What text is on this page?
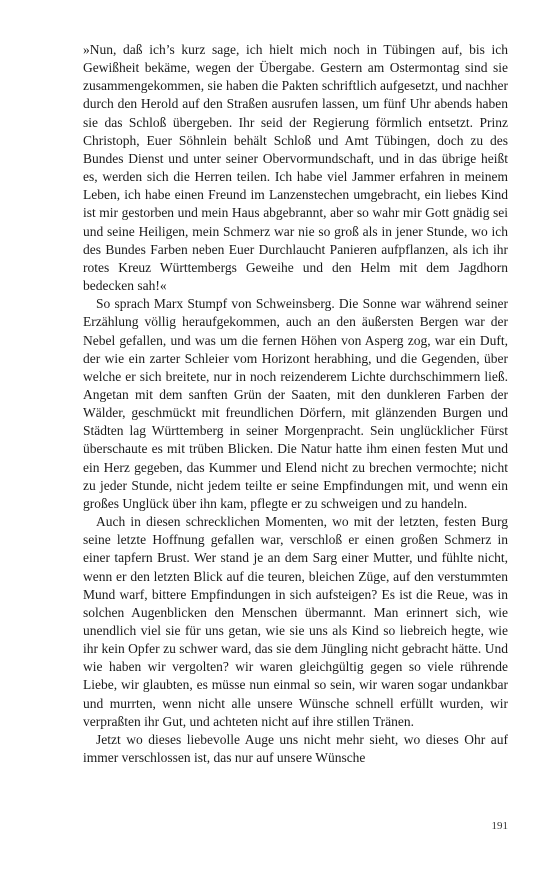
»Nun, daß ich’s kurz sage, ich hielt mich noch in Tübingen auf, bis ich Gewißheit bekäme, wegen der Übergabe. Gestern am Ostermontag sind sie zusammengekommen, sie haben die Pakten schriftlich aufgesetzt, und nachher durch den Herold auf den Straßen ausrufen lassen, um fünf Uhr abends haben sie das Schloß übergeben. Ihr seid der Regierung förmlich entsetzt. Prinz Christoph, Euer Söhnlein behält Schloß und Amt Tübingen, doch zu des Bundes Dienst und unter seiner Obervormundschaft, und in das übrige heißt es, werden sich die Herren teilen. Ich habe viel Jammer erfahren in meinem Leben, ich habe einen Freund im Lanzenstechen umgebracht, ein liebes Kind ist mir gestorben und mein Haus abgebrannt, aber so wahr mir Gott gnädig sei und seine Heiligen, mein Schmerz war nie so groß als in jener Stunde, wo ich des Bundes Farben neben Euer Durchlaucht Panieren aufpflanzen, als ich ihr rotes Kreuz Württembergs Geweihe und den Helm mit dem Jagdhorn bedecken sah!«

So sprach Marx Stumpf von Schweinsberg. Die Sonne war während seiner Erzählung völlig heraufgekommen, auch an den äußersten Bergen war der Nebel gefallen, und was um die fernen Höhen von Asperg zog, war ein Duft, der wie ein zarter Schleier vom Horizont herabhing, und die Gegenden, über welche er sich breitete, nur in noch reizenderem Lichte durchschimmern ließ. Angetan mit dem sanften Grün der Saaten, mit den dunkleren Farben der Wälder, geschmückt mit freundlichen Dörfern, mit glänzenden Burgen und Städten lag Württemberg in seiner Morgenpracht. Sein unglücklicher Fürst überschaute es mit trüben Blicken. Die Natur hatte ihm einen festen Mut und ein Herz gegeben, das Kummer und Elend nicht zu brechen vermochte; nicht zu jeder Stunde, nicht jedem teilte er seine Empfindungen mit, und wenn ein großes Unglück über ihn kam, pflegte er zu schweigen und zu handeln.

Auch in diesen schrecklichen Momenten, wo mit der letzten, festen Burg seine letzte Hoffnung gefallen war, verschloß er einen großen Schmerz in einer tapfern Brust. Wer stand je an dem Sarg einer Mutter, und fühlte nicht, wenn er den letzten Blick auf die teuren, bleichen Züge, auf den verstummten Mund warf, bittere Empfindungen in sich aufsteigen? Es ist die Reue, was in solchen Augenblicken den Menschen übermannt. Man erinnert sich, wie unendlich viel sie für uns getan, wie sie uns als Kind so liebreich hegte, wie ihr kein Opfer zu schwer ward, das sie dem Jüngling nicht gebracht hätte. Und wie haben wir vergolten? wir waren gleichgültig gegen so viele rührende Liebe, wir glaubten, es müsse nun einmal so sein, wir waren sogar undankbar und murrten, wenn nicht alle unsere Wünsche schnell erfüllt wurden, wir verpraßten ihr Gut, und achteten nicht auf ihre stillen Tränen.

Jetzt wo dieses liebevolle Auge uns nicht mehr sieht, wo dieses Ohr auf immer verschlossen ist, das nur auf unsere Wünsche

191
